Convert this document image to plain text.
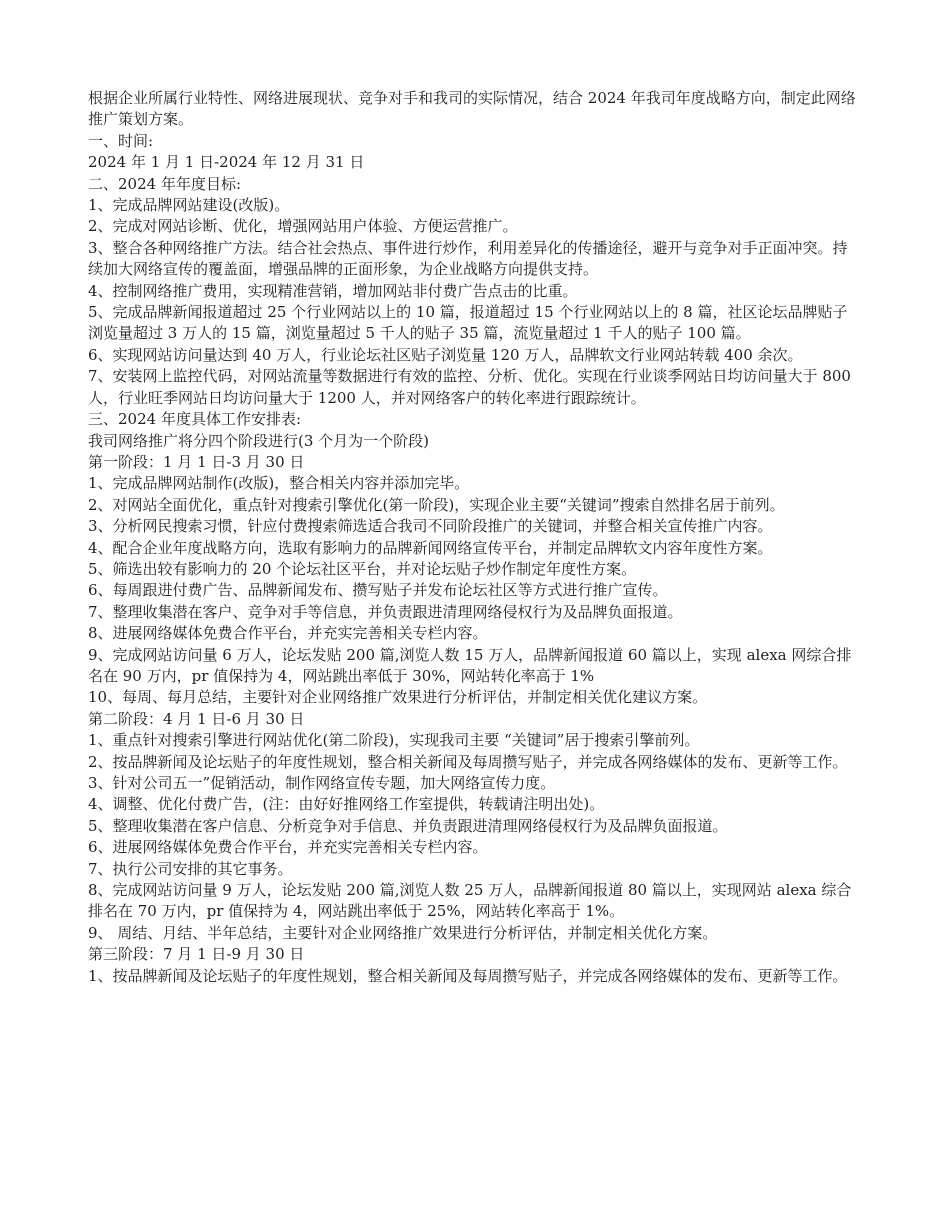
根据企业所属行业特性、网络进展现状、竞争对手和我司的实际情况，结合 2024 年我司年度战略方向，制定此网络推广策划方案。

一、时间:

2024 年 1 月 1 日-2024 年 12 月 31 日

二、2024 年年度目标:

1、完成品牌网站建设(改版)。

2、完成对网站诊断、优化，增强网站用户体验、方便运营推广。

3、整合各种网络推广方法。结合社会热点、事件进行炒作，利用差异化的传播途径，避开与竞争对手正面冲突。持续加大网络宣传的覆盖面，增强品牌的正面形象，为企业战略方向提供支持。

4、控制网络推广费用，实现精准营销，增加网站非付费广告点击的比重。

5、完成品牌新闻报道超过 25 个行业网站以上的 10 篇，报道超过 15 个行业网站以上的 8 篇，社区论坛品牌贴子浏览量超过 3 万人的 15 篇，浏览量超过 5 千人的贴子 35 篇，流览量超过 1 千人的贴子 100 篇。

6、实现网站访问量达到 40 万人，行业论坛社区贴子浏览量 120 万人，品牌软文行业网站转载 400 余次。

7、安装网上监控代码，对网站流量等数据进行有效的监控、分析、优化。实现在行业谈季网站日均访问量大于 800 人，行业旺季网站日均访问量大于 1200 人，并对网络客户的转化率进行跟踪统计。

三、2024 年度具体工作安排表:

我司网络推广将分四个阶段进行(3 个月为一个阶段)

第一阶段：1 月 1 日-3 月 30 日

1、完成品牌网站制作(改版)，整合相关内容并添加完毕。

2、对网站全面优化，重点针对搜索引擎优化(第一阶段)，实现企业主要“关键词”搜索自然排名居于前列。

3、分析网民搜索习惯，针应付费搜索筛选适合我司不同阶段推广的关键词，并整合相关宣传推广内容。

4、配合企业年度战略方向，选取有影响力的品牌新闻网络宣传平台，并制定品牌软文内容年度性方案。

5、筛选出较有影响力的 20 个论坛社区平台，并对论坛贴子炒作制定年度性方案。

6、每周跟进付费广告、品牌新闻发布、攒写贴子并发布论坛社区等方式进行推广宣传。

7、整理收集潜在客户、竞争对手等信息，并负责跟进清理网络侵权行为及品牌负面报道。

8、进展网络媒体免费合作平台，并充实完善相关专栏内容。

9、完成网站访问量 6 万人，论坛发贴 200 篇,浏览人数 15 万人，品牌新闻报道 60 篇以上，实现 alexa 网综合排名在 90 万内，pr 值保持为 4，网站跳出率低于 30%，网站转化率高于 1%

10、每周、每月总结，主要针对企业网络推广效果进行分析评估，并制定相关优化建议方案。

第二阶段：4 月 1 日-6 月 30 日

1、重点针对搜索引擎进行网站优化(第二阶段)，实现我司主要 “关键词”居于搜索引擎前列。

2、按品牌新闻及论坛贴子的年度性规划，整合相关新闻及每周攒写贴子，并完成各网络媒体的发布、更新等工作。

3、针对公司五一”促销活动，制作网络宣传专题，加大网络宣传力度。

4、调整、优化付费广告，(注：由好好推网络工作室提供，转载请注明出处)。

5、整理收集潜在客户信息、分析竞争对手信息、并负责跟进清理网络侵权行为及品牌负面报道。

6、进展网络媒体免费合作平台，并充实完善相关专栏内容。

7、执行公司安排的其它事务。

8、完成网站访问量 9 万人，论坛发贴 200 篇,浏览人数 25 万人，品牌新闻报道 80 篇以上，实现网站 alexa 综合排名在 70 万内，pr 值保持为 4，网站跳出率低于 25%，网站转化率高于 1%。

9、 周结、月结、半年总结，主要针对企业网络推广效果进行分析评估，并制定相关优化方案。

第三阶段：7 月 1 日-9 月 30 日

1、按品牌新闻及论坛贴子的年度性规划，整合相关新闻及每周攒写贴子，并完成各网络媒体的发布、更新等工作。
